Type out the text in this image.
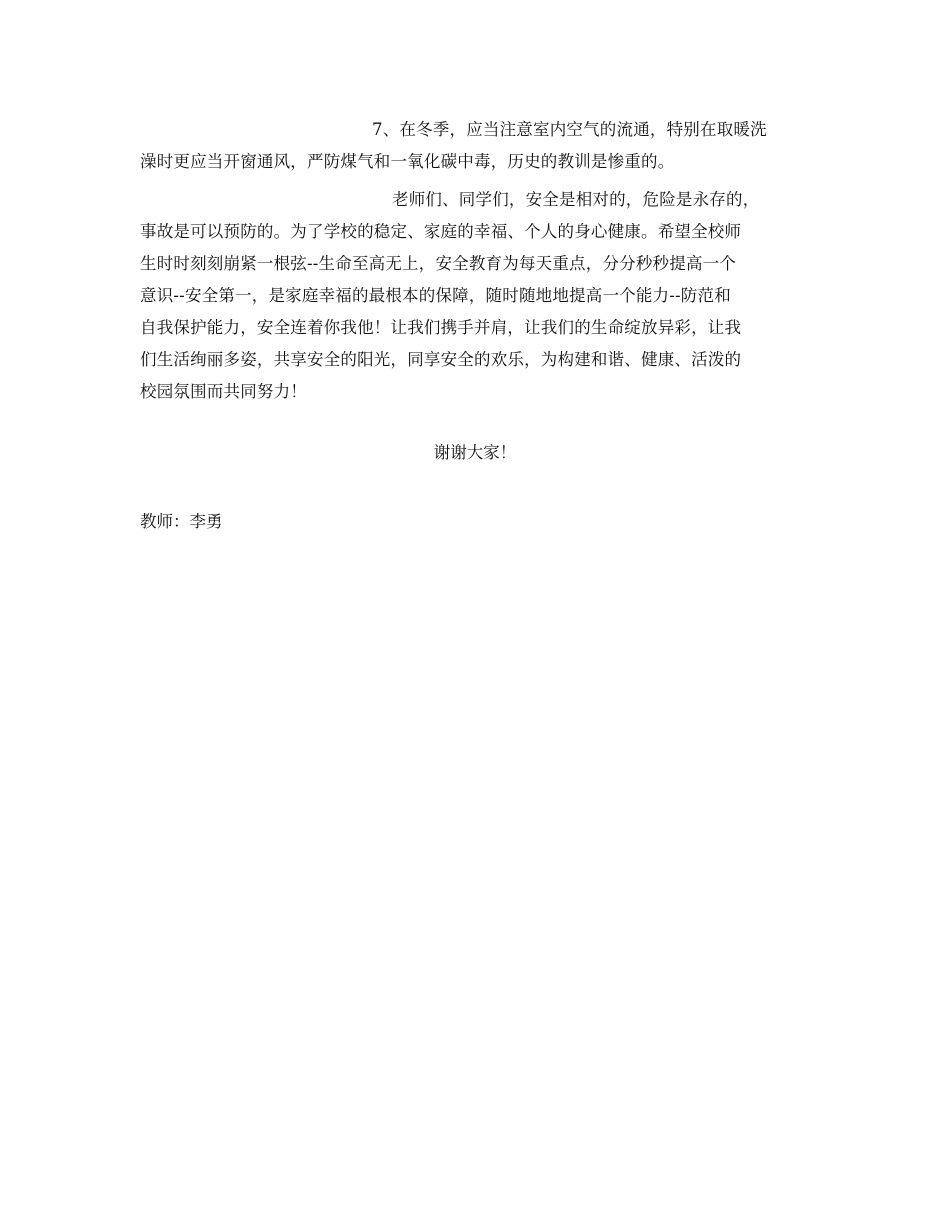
7、在冬季，应当注意室内空气的流通，特别在取暖洗
澡时更应当开窗通风，严防煤气和一氧化碳中毒，历史的教训是惨重的。
老师们、同学们，安全是相对的，危险是永存的，
事故是可以预防的。为了学校的稳定、家庭的幸福、个人的身心健康。希望全校师
生时时刻刻崩紧一根弦--生命至高无上，安全教育为每天重点，分分秒秒提高一个
意识--安全第一，是家庭幸福的最根本的保障，随时随地地提高一个能力--防范和
自我保护能力，安全连着你我他！让我们携手并肩，让我们的生命绽放异彩，让我
们生活绚丽多姿，共享安全的阳光，同享安全的欢乐，为构建和谐、健康、活泼的
校园氛围而共同努力！
谢谢大家！
教师：李勇
